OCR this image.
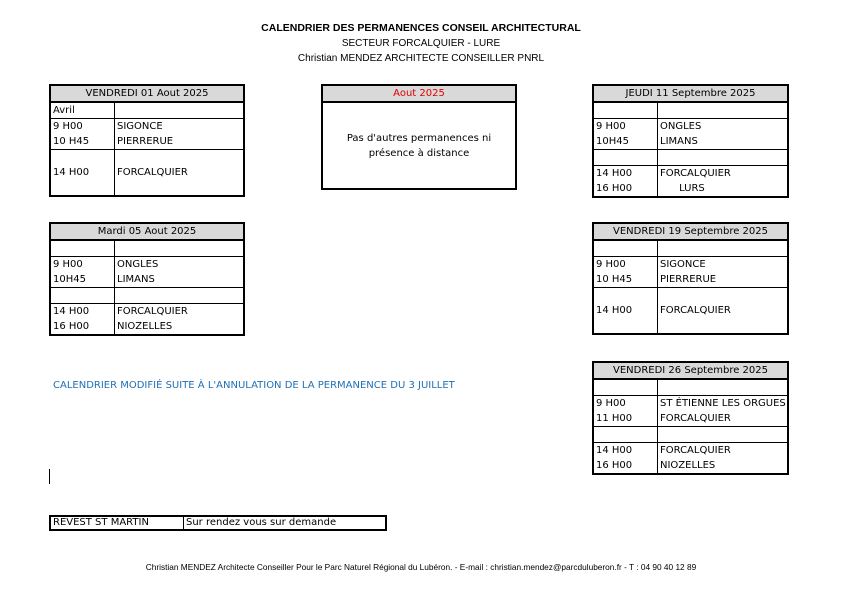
CALENDRIER DES PERMANENCES CONSEIL ARCHITECTURAL
SECTEUR FORCALQUIER - LURE
Christian MENDEZ ARCHITECTE CONSEILLER PNRL
VENDREDI 01 Aout 2025
Avril
9 H00	SIGONCE
10 H45	PIERRERUE
14 H00	FORCALQUIER
Aout 2025
Pas d'autres permanences ni présence à distance
JEUDI 11 Septembre 2025
9 H00	ONGLES
10H45	LIMANS
14 H00	FORCALQUIER
16 H00	LURS
Mardi 05 Aout 2025
9 H00	ONGLES
10H45	LIMANS
14 H00	FORCALQUIER
16 H00	NIOZELLES
VENDREDI 19 Septembre 2025
9 H00	SIGONCE
10 H45	PIERRERUE
14 H00	FORCALQUIER
VENDREDI 26 Septembre 2025
9 H00	ST ÉTIENNE LES ORGUES
11 H00	FORCALQUIER
14 H00	FORCALQUIER
16 H00	NIOZELLES
CALENDRIER MODIFIÉ SUITE À L'ANNULATION DE LA PERMANENCE DU 3 JUILLET
REVEST ST MARTIN	Sur rendez vous sur demande
Christian MENDEZ Architecte Conseiller Pour le Parc Naturel Régional du Lubéron. - E-mail : christian.mendez@parcduluberon.fr - T : 04 90 40 12 89
